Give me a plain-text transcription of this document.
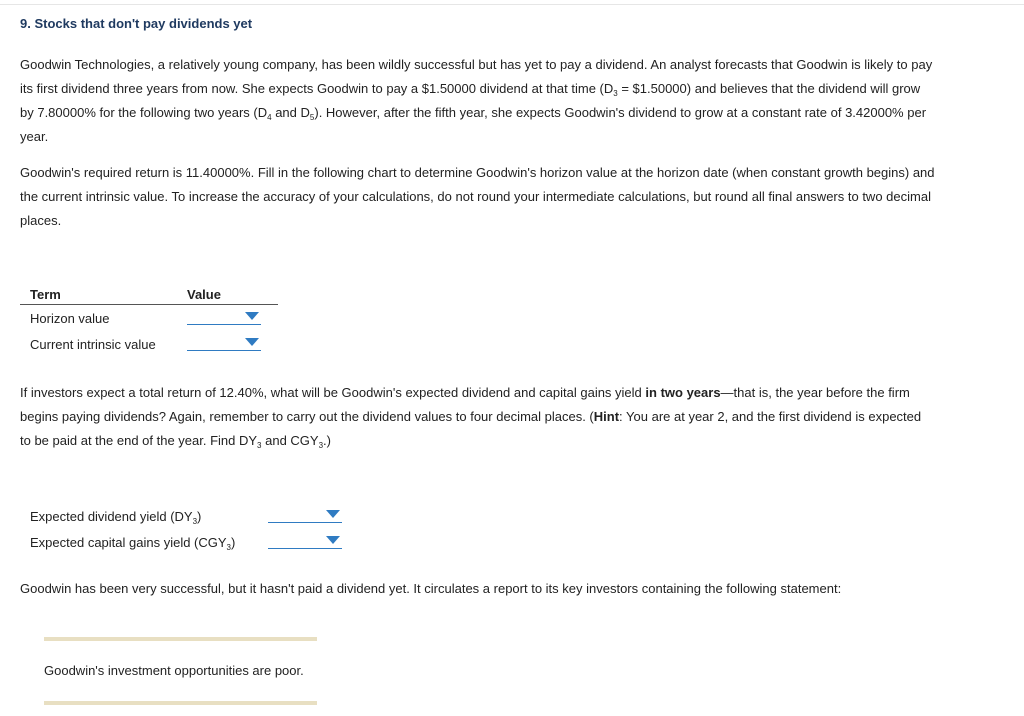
9. Stocks that don't pay dividends yet
Goodwin Technologies, a relatively young company, has been wildly successful but has yet to pay a dividend. An analyst forecasts that Goodwin is likely to pay its first dividend three years from now. She expects Goodwin to pay a $1.50000 dividend at that time ($D_3$ = $1.50000) and believes that the dividend will grow by 7.80000% for the following two years ($D_4$ and $D_5$). However, after the fifth year, she expects Goodwin's dividend to grow at a constant rate of 3.42000% per year.
Goodwin's required return is 11.40000%. Fill in the following chart to determine Goodwin's horizon value at the horizon date (when constant growth begins) and the current intrinsic value. To increase the accuracy of your calculations, do not round your intermediate calculations, but round all final answers to two decimal places.
Term	Value
Horizon value
Current intrinsic value
If investors expect a total return of 12.40%, what will be Goodwin's expected dividend and capital gains yield in two years—that is, the year before the firm begins paying dividends? Again, remember to carry out the dividend values to four decimal places. (Hint: You are at year 2, and the first dividend is expected to be paid at the end of the year. Find $DY_3$ and $CGY_3$.)
Expected dividend yield $(DY_3)$
Expected capital gains yield $(CGY_3)$
Goodwin has been very successful, but it hasn't paid a dividend yet. It circulates a report to its key investors containing the following statement:
Goodwin's investment opportunities are poor.
